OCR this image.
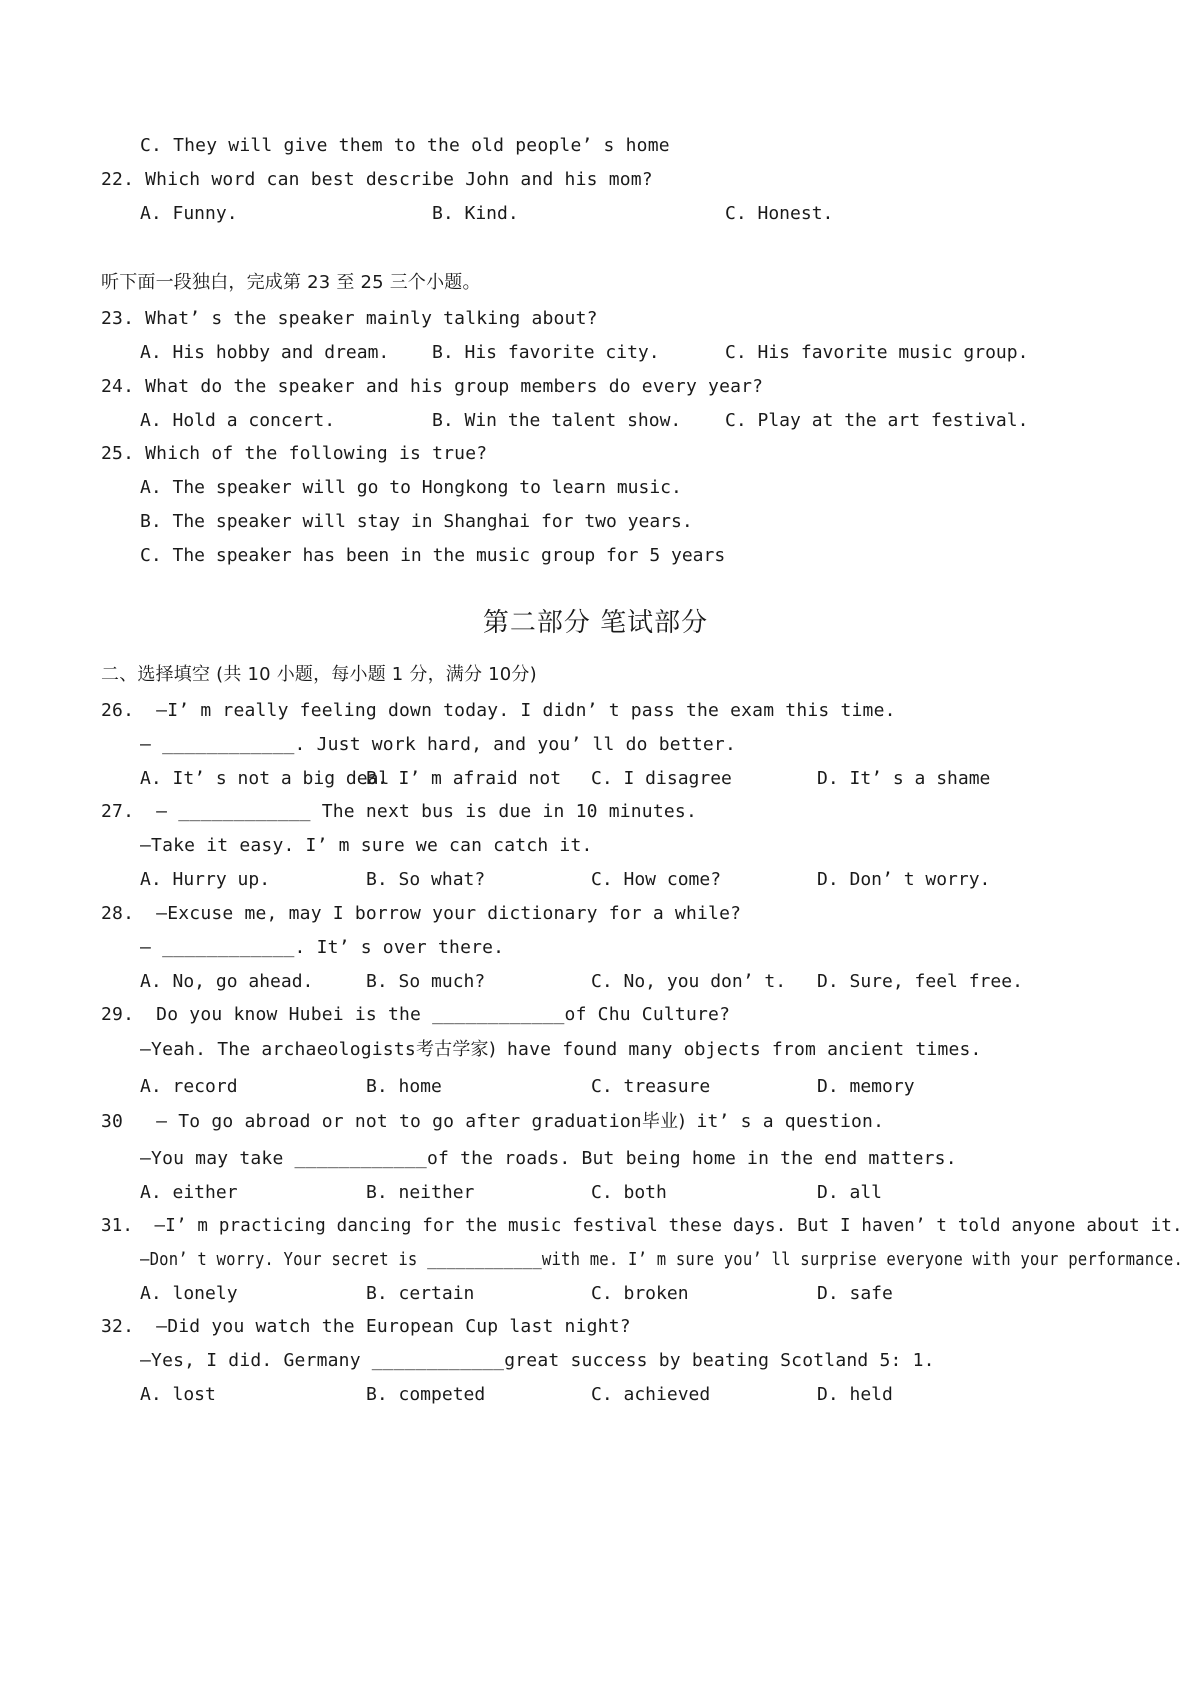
C. They will give them to the old people’ s home
22. Which word can best describe John and his mom?
A. Funny.	B. Kind.	C. Honest.
听下面一段独白，完成第 23 至 25 三个小题。
23. What’ s the speaker mainly talking about?
A. His hobby and dream. B. His favorite city.	C. His favorite music group.
24. What do the speaker and his group members do every year?
A. Hold a concert.	B. Win the talent show. C. Play at the art festival.
25. Which of the following is true?
A. The speaker will go to Hongkong to learn music.
B. The speaker will stay in Shanghai for two years.
C. The speaker has been in the music group for 5 years
第二部分 笔试部分
二、选择填空 (共 10 小题，每小题 1 分，满分 10分)
26.  —I’ m really feeling down today. I didn’ t pass the exam this time.
— ____________. Just work hard, and you’ ll do better.
A. It’ s not a big deal
B. I’ m afraid not C. I disagree	D. It’ s a shame
27.  — ____________ The next bus is due in 10 minutes.
—Take it easy. I’ m sure we can catch it.
A. Hurry up.	B. So what?	C. How come?	D. Don’ t worry.
28.  —Excuse me, may I borrow your dictionary for a while?
— ____________. It’ s over there.
A. No, go ahead.	B. So much?	C. No, you don’ t. D. Sure, feel free.
29.  Do you know Hubei is the ____________of Chu Culture?
—Yeah. The archaeologists考古学家) have found many objects from ancient times.
A. record	B. home	C. treasure	D. memory
30   — To go abroad or not to go after graduation毕业) it’ s a question.
—You may take ____________of the roads. But being home in the end matters.
A. either	B. neither	C. both	D. all
31.  —I’ m practicing dancing for the music festival these days. But I haven’ t told anyone about it.
—Don’ t worry. Your secret is ____________with me. I’ m sure you’ ll surprise everyone with your performance.
A. lonely	B. certain	C. broken	D. safe
32.  —Did you watch the European Cup last night?
—Yes, I did. Germany ____________great success by beating Scotland 5: 1.
A. lost	B. competed	C. achieved	D. held
